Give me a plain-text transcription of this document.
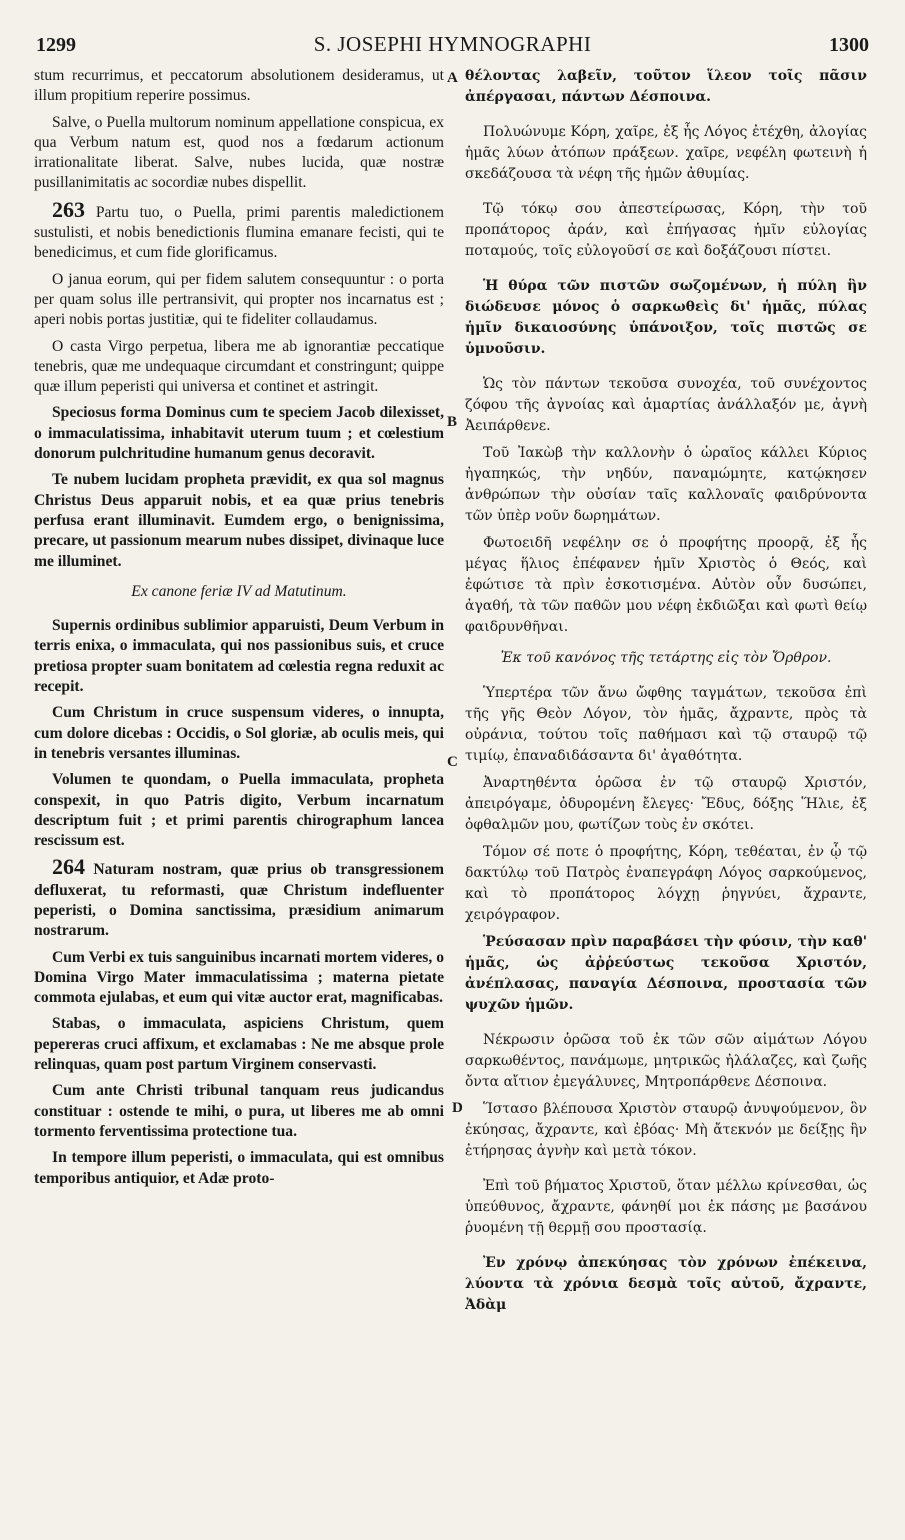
1299	S. JOSEPHI HYMNOGRAPHI	1300
A
B
C
D

stum recurrimus, et peccatorum absolutionem desideramus, ut illum propitium reperire possimus.

Salve, o Puella multorum nominum appellatione conspicua, ex qua Verbum natum est, quod nos a fœdarum actionum irrationalitate liberat. Salve, nubes lucida, quæ nostræ pusillanimitatis ac socordiæ nubes dispellit.

263 Partu tuo, o Puella, primi parentis maledictionem sustulisti, et nobis benedictionis flumina emanare fecisti, qui te benedicimus, et cum fide glorificamus.

O janua eorum, qui per fidem salutem consequuntur : o porta per quam solus ille pertransivit, qui propter nos incarnatus est ; aperi nobis portas justitiæ, qui te fideliter collaudamus.

O casta Virgo perpetua, libera me ab ignorantiæ peccatique tenebris, quæ me undequaque circumdant et constringunt; quippe quæ illum peperisti qui universa et continet et astringit.

Speciosus forma Dominus cum te speciem Jacob dilexisset, o immaculatissima, inhabitavit uterum tuum ; et cœlestium donorum pulchritudine humanum genus decoravit.

Te nubem lucidam propheta prævidit, ex qua sol magnus Christus Deus apparuit nobis, et ea quæ prius tenebris perfusa erant illuminavit. Eumdem ergo, o benignissima, precare, ut passionum mearum nubes dissipet, divinaque luce me illuminet.

Ex canone feriæ IV ad Matutinum.

Supernis ordinibus sublimior apparuisti, Deum Verbum in terris enixa, o immaculata, qui nos passionibus suis, et cruce pretiosa propter suam bonitatem ad cœlestia regna reduxit ac recepit.

Cum Christum in cruce suspensum videres, o innupta, cum dolore dicebas : Occidis, o Sol gloriæ, ab oculis meis, qui in tenebris versantes illuminas.

Volumen te quondam, o Puella immaculata, propheta conspexit, in quo Patris digito, Verbum incarnatum descriptum fuit ; et primi parentis chirographum lancea rescissum est.

264 Naturam nostram, quæ prius ob transgressionem defluxerat, tu reformasti, quæ Christum indefluenter peperisti, o Domina sanctissima, præsidium animarum nostrarum.

Cum Verbi ex tuis sanguinibus incarnati mortem videres, o Domina Virgo Mater immaculatissima ; materna pietate commota ejulabas, et eum qui vitæ auctor erat, magnificabas.

Stabas, o immaculata, aspiciens Christum, quem pepereras cruci affixum, et exclamabas : Ne me absque prole relinquas, quam post partum Virginem conservasti.

Cum ante Christi tribunal tanquam reus judicandus constituar : ostende te mihi, o pura, ut liberes me ab omni tormento ferventissima protectione tua.

In tempore illum peperisti, o immaculata, qui est omnibus temporibus antiquior, et Adæ proto-

θέλοντας λαβεῖν, τοῦτον ἵλεον τοῖς πᾶσιν ἀπέργασαι, πάντων Δέσποινα.

Πολυώνυμε Κόρη, χαῖρε, ἐξ ἧς Λόγος ἐτέχθη, ἀλογίας ἡμᾶς λύων ἀτόπων πράξεων. χαῖρε, νεφέλη φωτεινὴ ἡ σκεδάζουσα τὰ νέφη τῆς ἡμῶν ἀθυμίας.

Τῷ τόκῳ σου ἀπεστείρωσας, Κόρη, τὴν τοῦ προπάτορος ἀράν, καὶ ἐπήγασας ἡμῖν εὐλογίας ποταμούς, τοῖς εὐλογοῦσί σε καὶ δοξάζουσι πίστει.

Ἡ θύρα τῶν πιστῶν σωζομένων, ἡ πύλη ἣν διώδευσε μόνος ὁ σαρκωθεὶς δι' ἡμᾶς, πύλας ἡμῖν δικαιοσύνης ὑπάνοιξον, τοῖς πιστῶς σε ὑμνοῦσιν.

Ὡς τὸν πάντων τεκοῦσα συνοχέα, τοῦ συνέχοντος ζόφου τῆς ἀγνοίας καὶ ἁμαρτίας ἀνάλλαξόν με, ἁγνὴ Ἀειπάρθενε.

Τοῦ Ἰακὼβ τὴν καλλονὴν ὁ ὡραῖος κάλλει Κύριος ἠγαπηκώς, τὴν νηδύν, παναμώμητε, κατῴκησεν ἀνθρώπων τὴν οὐσίαν ταῖς καλλοναῖς φαιδρύνοντα τῶν ὑπὲρ νοῦν δωρημάτων.

Φωτοειδῆ νεφέλην σε ὁ προφήτης προορᾷ, ἐξ ἧς μέγας ἥλιος ἐπέφανεν ἡμῖν Χριστὸς ὁ Θεός, καὶ ἐφώτισε τὰ πρὶν ἐσκοτισμένα. Αὐτὸν οὖν δυσώπει, ἀγαθή, τὰ τῶν παθῶν μου νέφη ἐκδιῶξαι καὶ φωτὶ θείῳ φαιδρυνθῆναι.

Ἐκ τοῦ κανόνος τῆς τετάρτης εἰς τὸν Ὄρθρον.

Ὑπερτέρα τῶν ἄνω ὤφθης ταγμάτων, τεκοῦσα ἐπὶ τῆς γῆς Θεὸν Λόγον, τὸν ἡμᾶς, ἄχραντε, πρὸς τὰ οὐράνια, τούτου τοῖς παθήμασι καὶ τῷ σταυρῷ τῷ τιμίῳ, ἐπαναδιδάσαντα δι' ἀγαθότητα.

Ἀναρτηθέντα ὁρῶσα ἐν τῷ σταυρῷ Χριστόν, ἀπειρόγαμε, ὀδυρομένη ἔλεγες· Ἔδυς, δόξης Ἥλιε, ἐξ ὀφθαλμῶν μου, φωτίζων τοὺς ἐν σκότει.

Τόμον σέ ποτε ὁ προφήτης, Κόρη, τεθέαται, ἐν ᾧ τῷ δακτύλῳ τοῦ Πατρὸς ἐναπεγράφη Λόγος σαρκούμενος, καὶ τὸ προπάτορος λόγχῃ ῥηγνύει, ἄχραντε, χειρόγραφον.

Ῥεύσασαν πρὶν παραβάσει τὴν φύσιν, τὴν καθ' ἡμᾶς, ὡς ἀῤῥεύστως τεκοῦσα Χριστόν, ἀνέπλασας, παναγία Δέσποινα, προστασία τῶν ψυχῶν ἡμῶν.

Νέκρωσιν ὁρῶσα τοῦ ἐκ τῶν σῶν αἱμάτων Λόγου σαρκωθέντος, πανάμωμε, μητρικῶς ἠλάλαζες, καὶ ζωῆς ὄντα αἴτιον ἐμεγάλυνες, Μητροπάρθενε Δέσποινα.

Ἵστασο βλέπουσα Χριστὸν σταυρῷ ἀνυψούμενον, ὃν ἐκύησας, ἄχραντε, καὶ ἐβόας· Μὴ ἄτεκνόν με δείξῃς ἣν ἐτήρησας ἁγνὴν καὶ μετὰ τόκον.

Ἐπὶ τοῦ βήματος Χριστοῦ, ὅταν μέλλω κρίνεσθαι, ὡς ὑπεύθυνος, ἄχραντε, φάνηθί μοι ἐκ πάσης με βασάνου ῥυομένη τῇ θερμῇ σου προστασίᾳ.

Ἐν χρόνῳ ἀπεκύησας τὸν χρόνων ἐπέκεινα, λύοντα τὰ χρόνια δεσμὰ τοῖς αὐτοῦ, ἄχραντε, Ἀδὰμ
